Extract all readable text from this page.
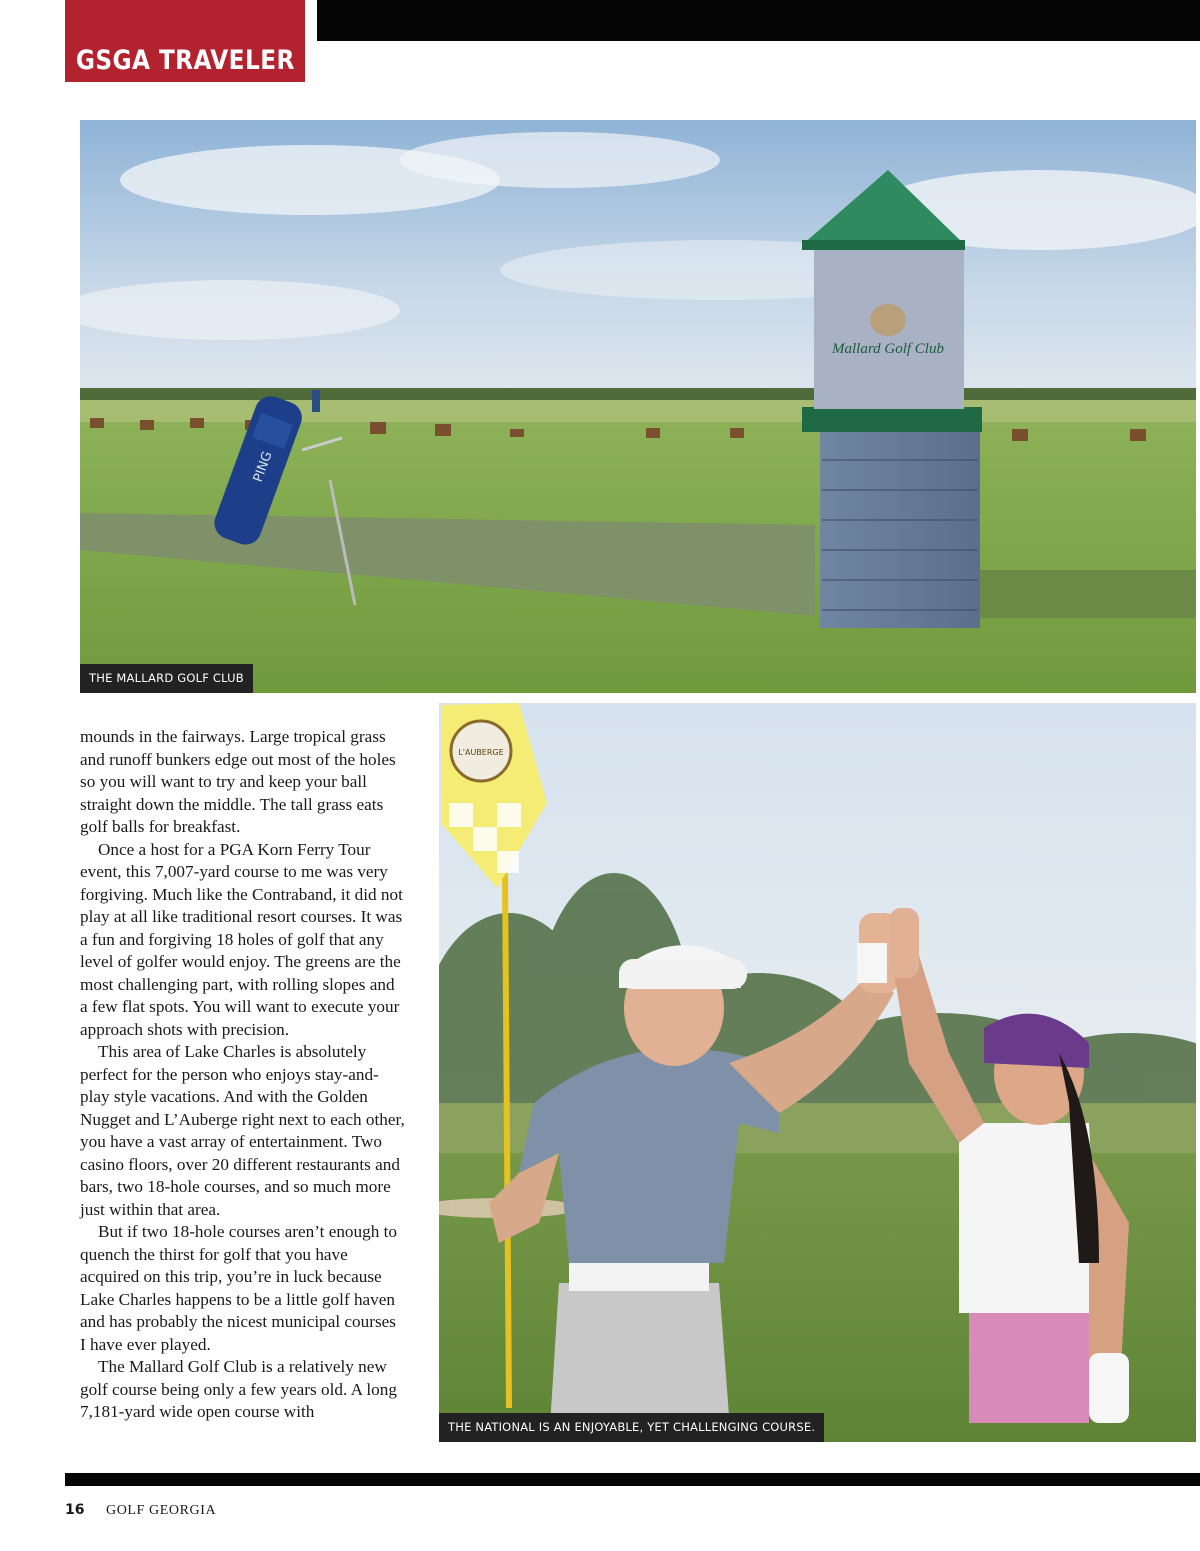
GSGA TRAVELER
Mallard Golf Club
PING
THE MALLARD GOLF CLUB

mounds in the fairways. Large tropical grass and runoff bunkers edge out most of the holes so you will want to try and keep your ball straight down the middle. The tall grass eats golf balls for breakfast.

Once a host for a PGA Korn Ferry Tour event, this 7,007-yard course to me was very forgiving. Much like the Contraband, it did not play at all like traditional resort courses. It was a fun and forgiving 18 holes of golf that any level of golfer would enjoy. The greens are the most challenging part, with rolling slopes and a few flat spots. You will want to execute your approach shots with precision.

This area of Lake Charles is absolutely perfect for the person who enjoys stay-and-play style vacations. And with the Golden Nugget and L’Auberge right next to each other, you have a vast array of entertainment. Two casino floors, over 20 different restaurants and bars, two 18-hole courses, and so much more just within that area.

But if two 18-hole courses aren’t enough to quench the thirst for golf that you have acquired on this trip, you’re in luck because Lake Charles happens to be a little golf haven and has probably the nicest municipal courses I have ever played.

The Mallard Golf Club is a relatively new golf course being only a few years old. A long 7,181-yard wide open course with

L'AUBERGE
THE NATIONAL IS AN ENJOYABLE, YET CHALLENGING COURSE.
16 GOLF GEORGIA
